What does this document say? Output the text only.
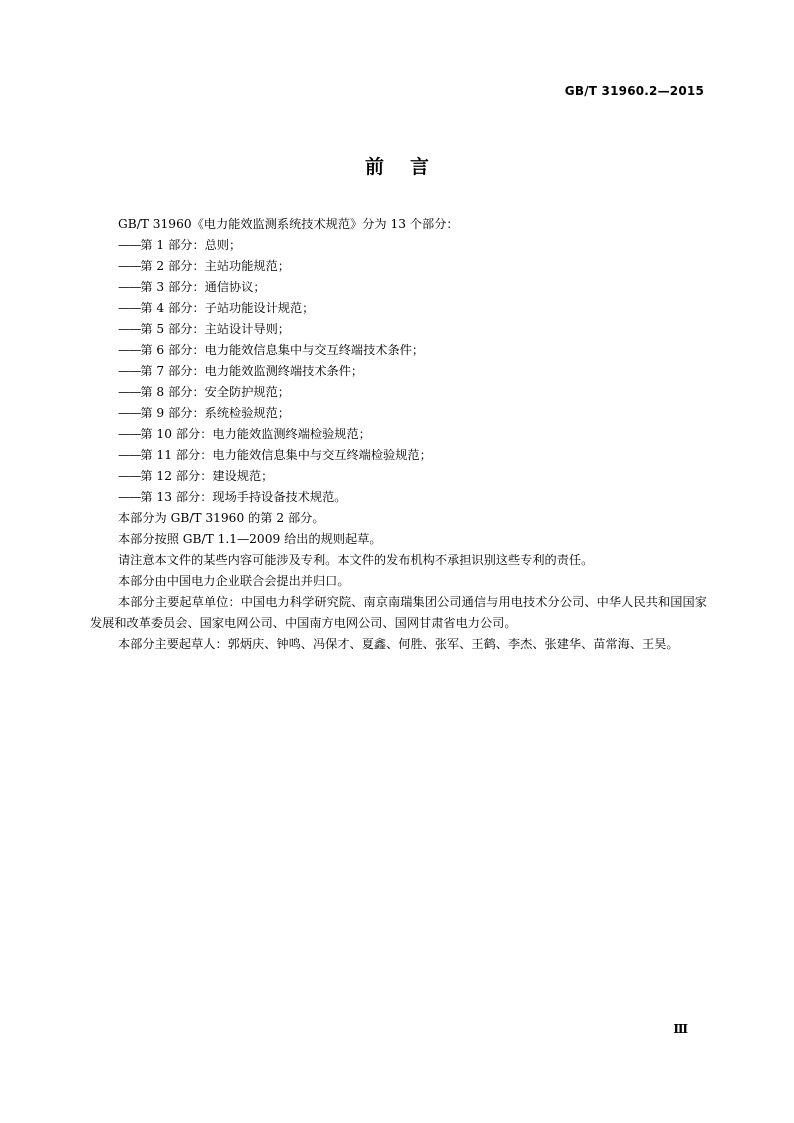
GB/T 31960.2—2015
前言

GB/T 31960《电力能效监测系统技术规范》分为 13 个部分：

——第 1 部分：总则；
——第 2 部分：主站功能规范；
——第 3 部分：通信协议；
——第 4 部分：子站功能设计规范；
——第 5 部分：主站设计导则；
——第 6 部分：电力能效信息集中与交互终端技术条件；
——第 7 部分：电力能效监测终端技术条件；
——第 8 部分：安全防护规范；
——第 9 部分：系统检验规范；
——第 10 部分：电力能效监测终端检验规范；
——第 11 部分：电力能效信息集中与交互终端检验规范；
——第 12 部分：建设规范；
——第 13 部分：现场手持设备技术规范。

本部分为 GB/T 31960 的第 2 部分。

本部分按照 GB/T 1.1—2009 给出的规则起草。

请注意本文件的某些内容可能涉及专利。本文件的发布机构不承担识别这些专利的责任。

本部分由中国电力企业联合会提出并归口。

本部分主要起草单位：中国电力科学研究院、南京南瑞集团公司通信与用电技术分公司、中华人民共和国国家发展和改革委员会、国家电网公司、中国南方电网公司、国网甘肃省电力公司。

本部分主要起草人：郭炳庆、钟鸣、冯保才、夏鑫、何胜、张军、王鹤、李杰、张建华、苗常海、王昊。

Ⅲ
